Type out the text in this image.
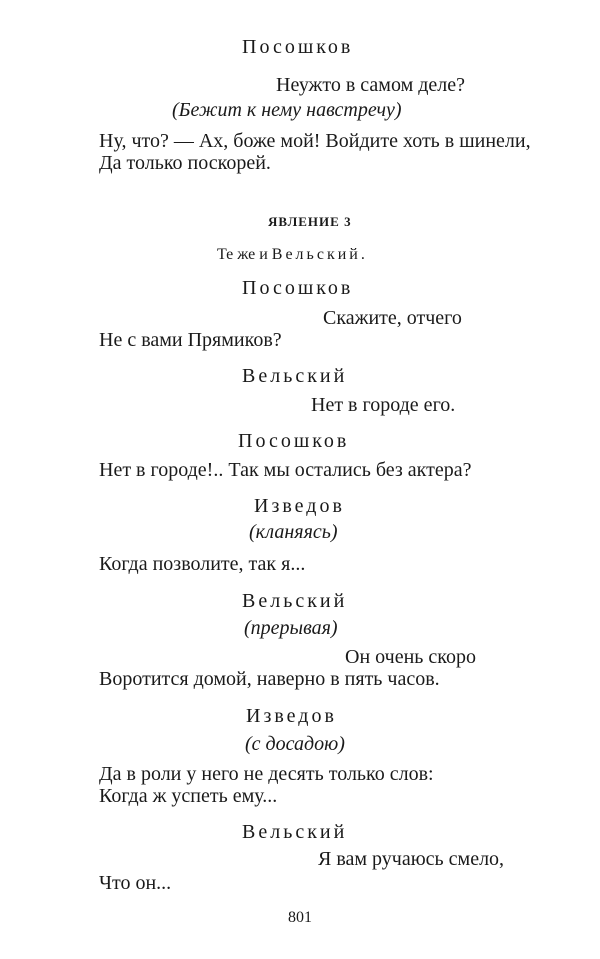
Посошков
Неужто в самом деле?
(Бежит к нему навстречу)
Ну, что? — Ах, боже мой! Войдите хоть в шинели,
Да только поскорей.
ЯВЛЕНИЕ 3
Те же и Вельский.
Посошков
Скажите, отчего
Не с вами Прямиков?
Вельский
Нет в городе его.
Посошков
Нет в городе!.. Так мы остались без актера?
Изведов
(кланяясь)
Когда позволите, так я...
Вельский
(прерывая)
Он очень скоро
Воротится домой, наверно в пять часов.
Изведов
(с досадою)
Да в роли у него не десять только слов:
Когда ж успеть ему...
Вельский
Я вам ручаюсь смело,
Что он...
801
